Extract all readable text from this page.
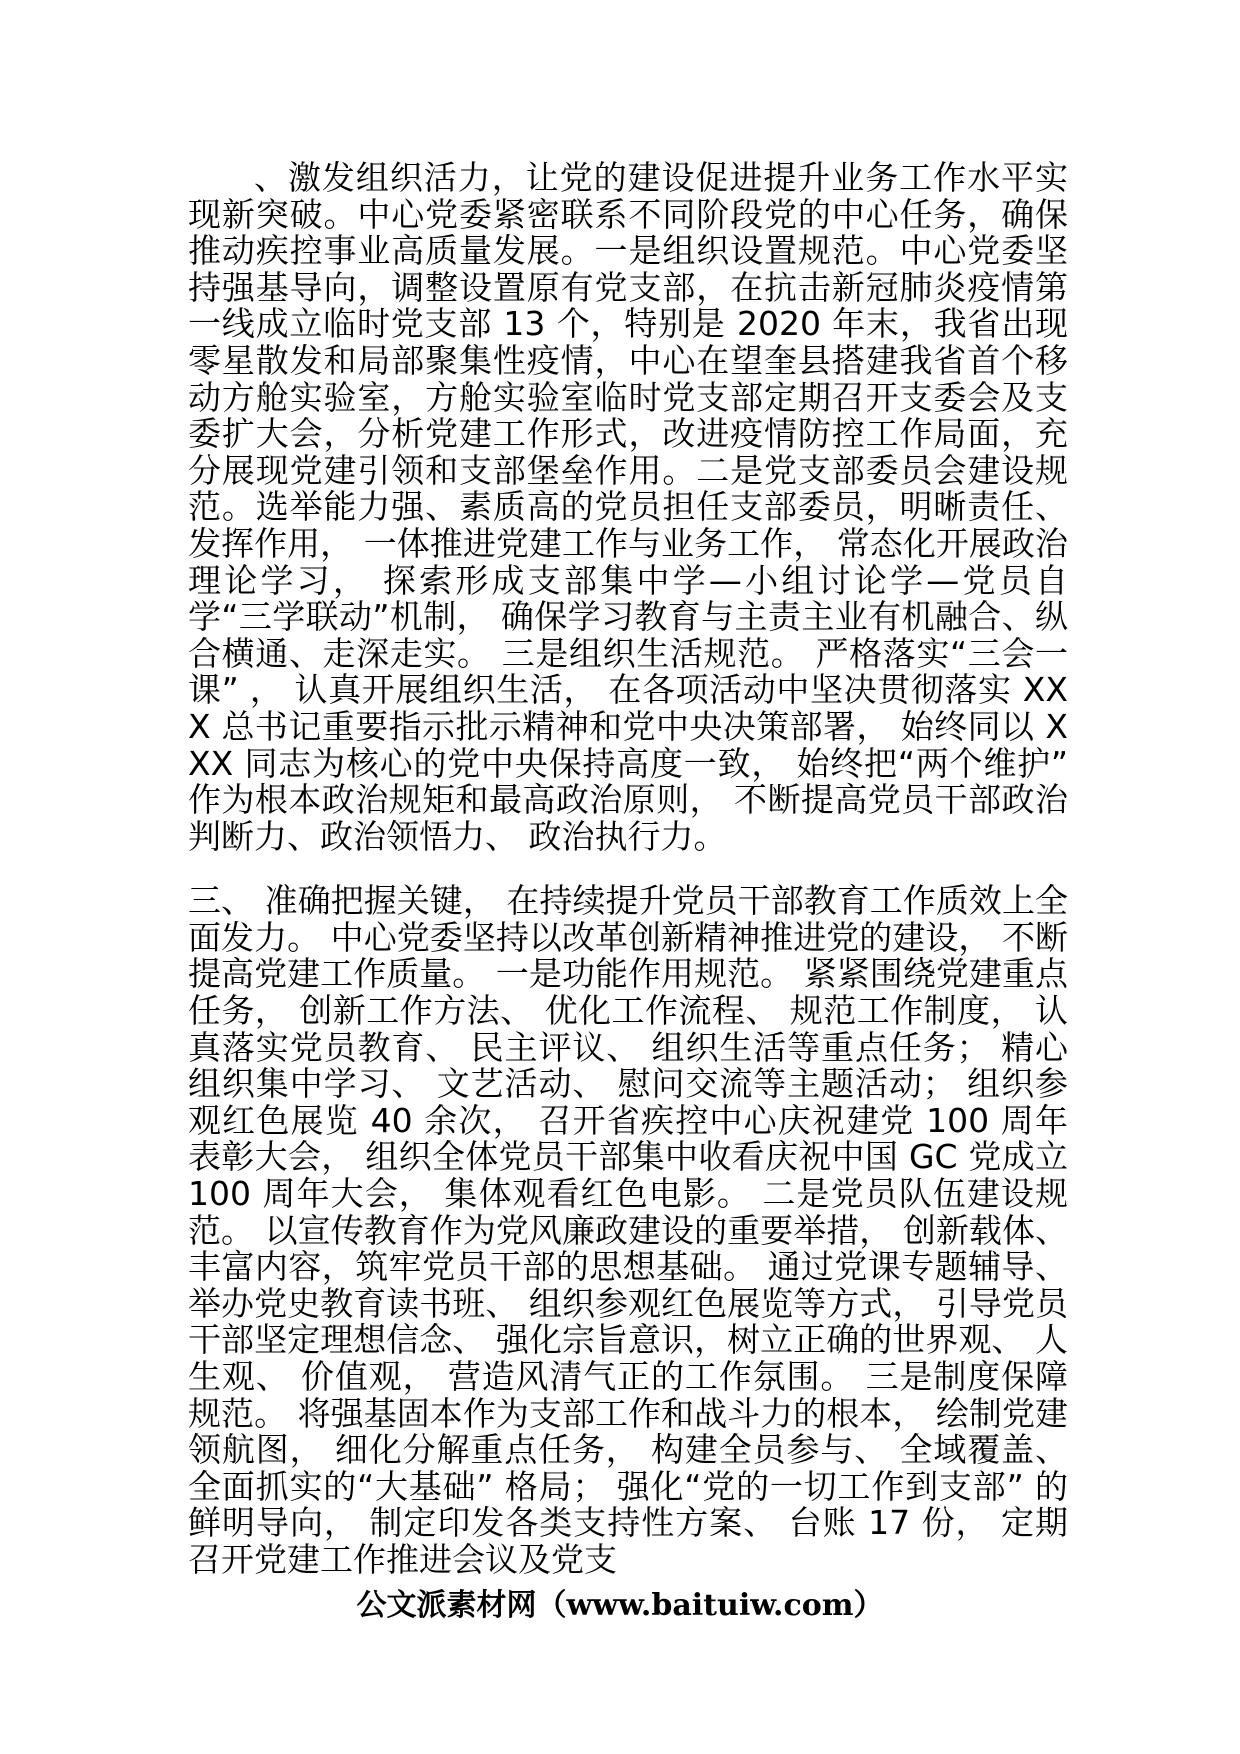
、激发组织活力，让党的建设促进提升业务工作水平实现新突破。中心党委紧密联系不同阶段党的中心任务，确保推动疾控事业高质量发展。一是组织设置规范。中心党委坚持强基导向，调整设置原有党支部，在抗击新冠肺炎疫情第一线成立临时党支部 13 个，特别是 2020 年末，我省出现零星散发和局部聚集性疫情，中心在望奎县搭建我省首个移动方舱实验室，方舱实验室临时党支部定期召开支委会及支委扩大会，分析党建工作形式，改进疫情防控工作局面，充分展现党建引领和支部堡垒作用。二是党支部委员会建设规范。选举能力强、素质高的党员担任支部委员，明晰责任、发挥作用， 一体推进党建工作与业务工作， 常态化开展政治理论学习， 探索形成支部集中学—小组讨论学—党员自学“三学联动”机制， 确保学习教育与主责主业有机融合、纵合横通、走深走实。 三是组织生活规范。 严格落实“三会一课” ， 认真开展组织生活， 在各项活动中坚决贯彻落实 XXX 总书记重要指示批示精神和党中央决策部署， 始终同以 XXX 同志为核心的党中央保持高度一致， 始终把“两个维护” 作为根本政治规矩和最高政治原则， 不断提高党员干部政治判断力、政治领悟力、 政治执行力。

三、 准确把握关键， 在持续提升党员干部教育工作质效上全面发力。 中心党委坚持以改革创新精神推进党的建设， 不断提高党建工作质量。 一是功能作用规范。 紧紧围绕党建重点任务， 创新工作方法、 优化工作流程、 规范工作制度， 认真落实党员教育、 民主评议、 组织生活等重点任务； 精心组织集中学习、 文艺活动、 慰问交流等主题活动； 组织参观红色展览 40 余次， 召开省疾控中心庆祝建党 100 周年表彰大会， 组织全体党员干部集中收看庆祝中国 GC 党成立 100 周年大会， 集体观看红色电影。 二是党员队伍建设规范。 以宣传教育作为党风廉政建设的重要举措， 创新载体、 丰富内容，筑牢党员干部的思想基础。 通过党课专题辅导、 举办党史教育读书班、 组织参观红色展览等方式， 引导党员干部坚定理想信念、 强化宗旨意识，树立正确的世界观、 人生观、 价值观， 营造风清气正的工作氛围。 三是制度保障规范。 将强基固本作为支部工作和战斗力的根本， 绘制党建领航图， 细化分解重点任务， 构建全员参与、 全域覆盖、 全面抓实的“大基础” 格局； 强化“党的一切工作到支部” 的鲜明导向， 制定印发各类支持性方案、 台账 17 份， 定期召开党建工作推进会议及党支

公文派素材网（www.baituiw.com）
